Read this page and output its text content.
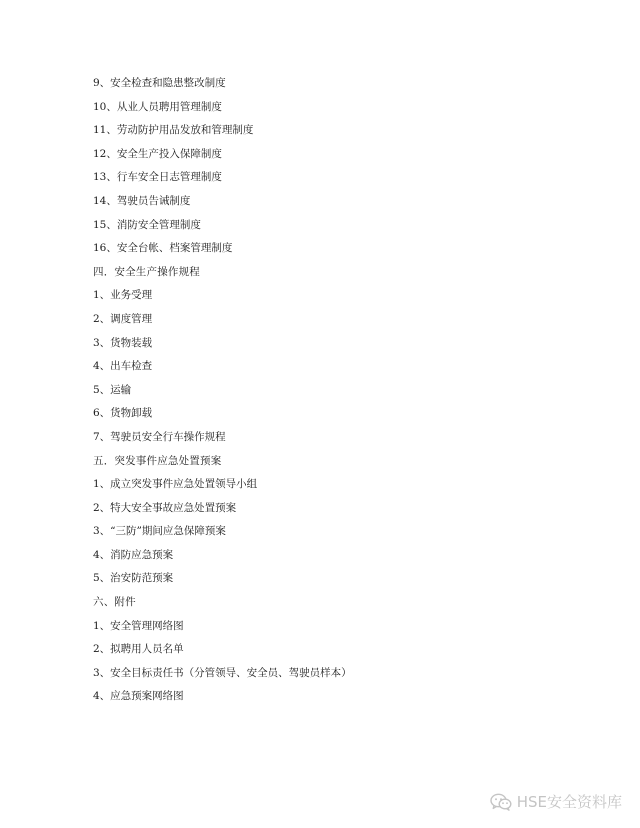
9、安全检查和隐患整改制度
10、从业人员聘用管理制度
11、劳动防护用品发放和管理制度
12、安全生产投入保障制度
13、行车安全日志管理制度
14、驾驶员告诫制度
15、消防安全管理制度
16、安全台帐、档案管理制度
四．安全生产操作规程
1、业务受理
2、调度管理
3、货物装载
4、出车检查
5、运输
6、货物卸载
7、驾驶员安全行车操作规程
五．突发事件应急处置预案
1、成立突发事件应急处置领导小组
2、特大安全事故应急处置预案
3、“三防”期间应急保障预案
4、消防应急预案
5、治安防范预案
六、附件
1、安全管理网络图
2、拟聘用人员名单
3、安全目标责任书（分管领导、安全员、驾驶员样本）
4、应急预案网络图
HSE安全资料库
